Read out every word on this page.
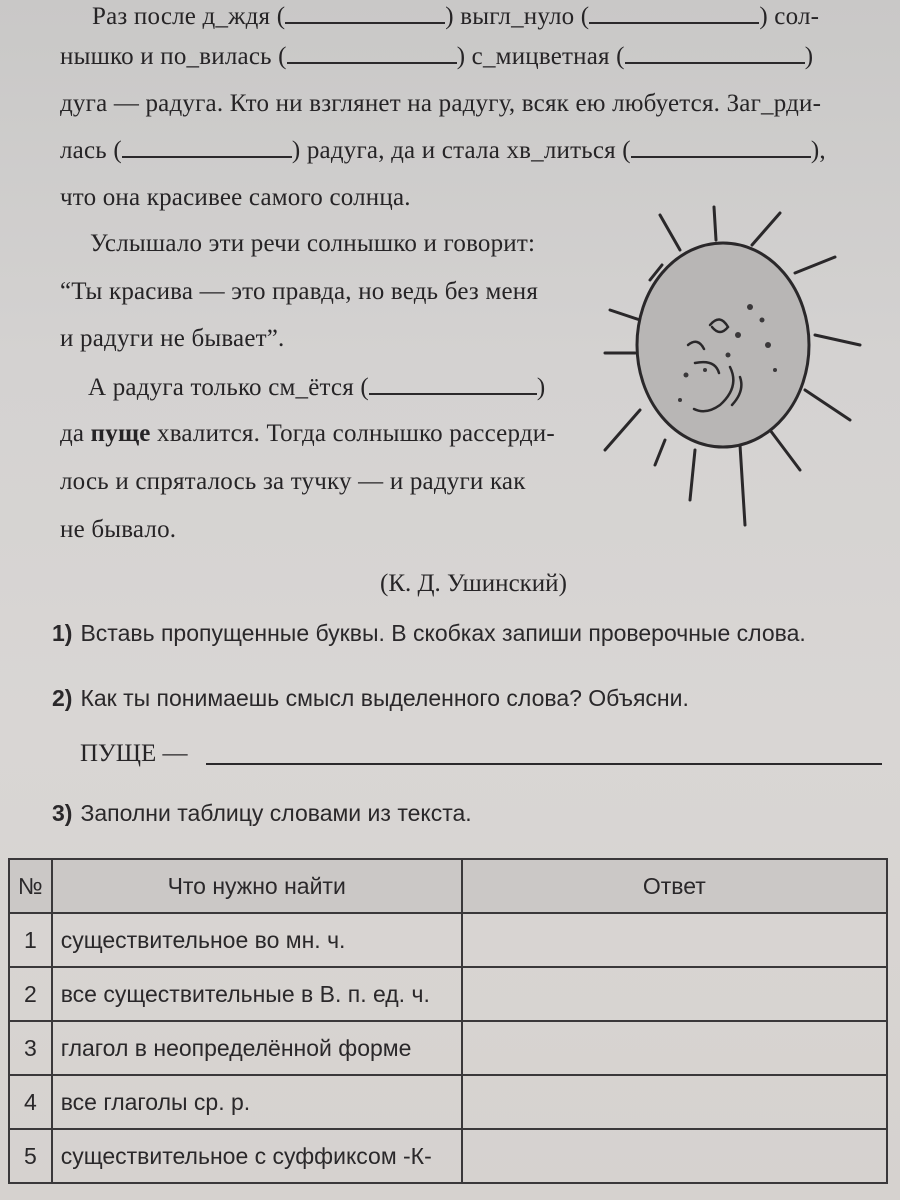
Раз после д_ждя (	) выгл_нуло (	) сол-
нышко и по_вилась (	) с_мицветная (	)
дуга — радуга. Кто ни взглянет на радугу, всяк ею любуется. Заг_рди-
лась (	) радуга, да и стала хв_литься (	),
что она красивее самого солнца.
Услышало эти речи солнышко и говорит:
“Ты красива — это правда, но ведь без меня
и радуги не бывает”.
А радуга только см_ётся (	)
да пуще хвалится. Тогда солнышко рассерди-
лось и спряталось за тучку — и радуги как
не бывало.
(К. Д. Ушинский)
1) Вставь пропущенные буквы. В скобках запиши проверочные слова.
2) Как ты понимаешь смысл выделенного слова? Объясни.
ПУЩЕ —
3) Заполни таблицу словами из текста.
№	Что нужно найти	Ответ
1	существительное во мн. ч.	
2	все существительные в В. п. ед. ч.	
3	глагол в неопределённой форме	
4	все глаголы ср. р.	
5	существительное с суффиксом -К-	
